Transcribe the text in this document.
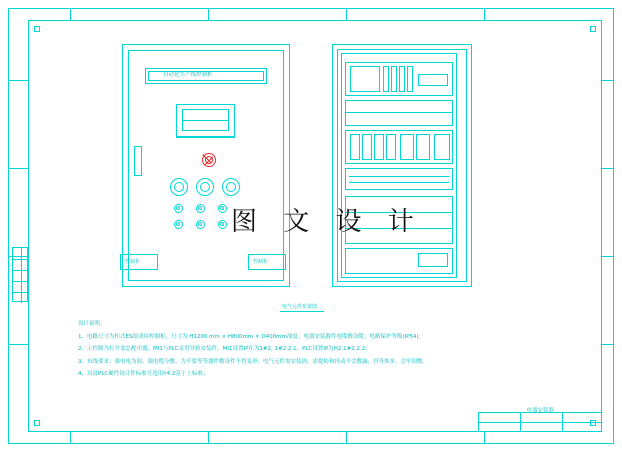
自动化生产线控制柜
控制柜	控制柜
图 文 设 计
电气元件布置图
设计说明：
1、电路尺寸为柜式ES组成屏控制柜，尺寸为 H1200 mm × H800mm × D400mm深度；电器安装器件电缆敷设缆；电路保护等级(IP54)；
2、上控制为打开盖总配中器，MI1与PLC采用导轨安装件，MI1设置IP在为1#2, 1#2.2.1、PLC设置IP为H2.1#2.2.2；
3、布线要求：强电电为弱、强电缆分敷、为不要等等器件敷设件不得变形；电气元件需安装固，需提防和抖动不会敷露；抖等参多、会牢固敷。
4、局部PLC硬件设计件标准号选用Y4.2基于上标准；
电器安装器
